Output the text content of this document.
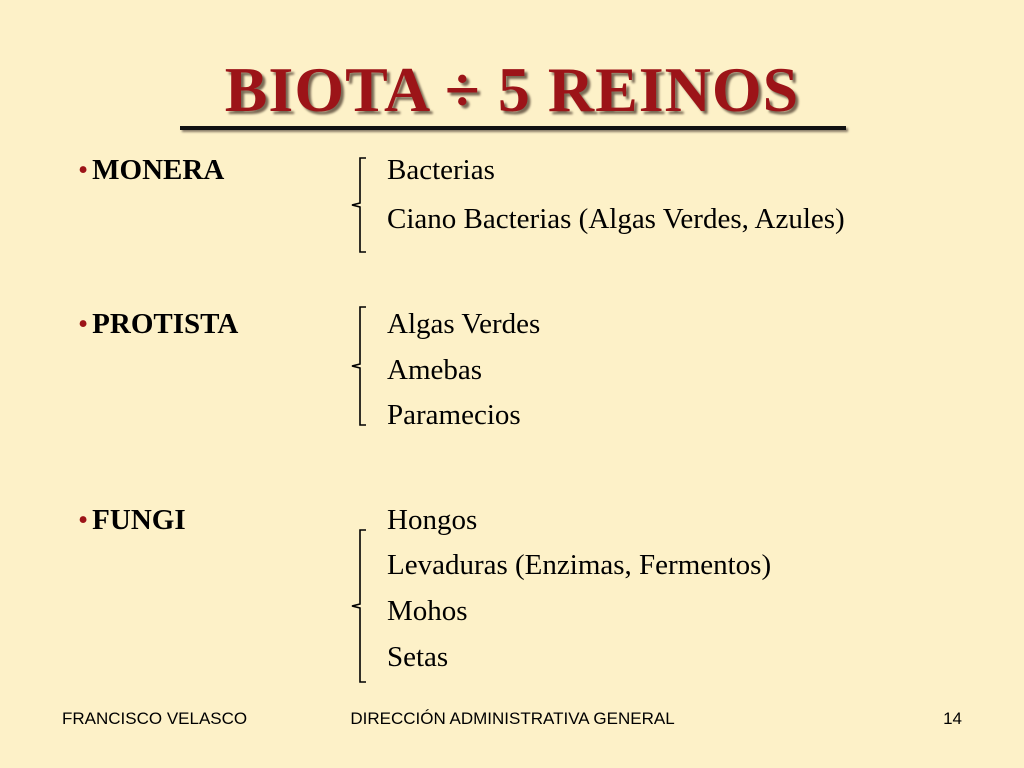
BIOTA ÷ 5 REINOS
• MONERA	Bacterias
Ciano Bacterias (Algas Verdes, Azules)
• PROTISTA	Algas Verdes
Amebas
Paramecios
• FUNGI	Hongos
Levaduras (Enzimas, Fermentos)
Mohos
Setas
FRANCISCO VELASCO	DIRECCIÓN ADMINISTRATIVA GENERAL	14
